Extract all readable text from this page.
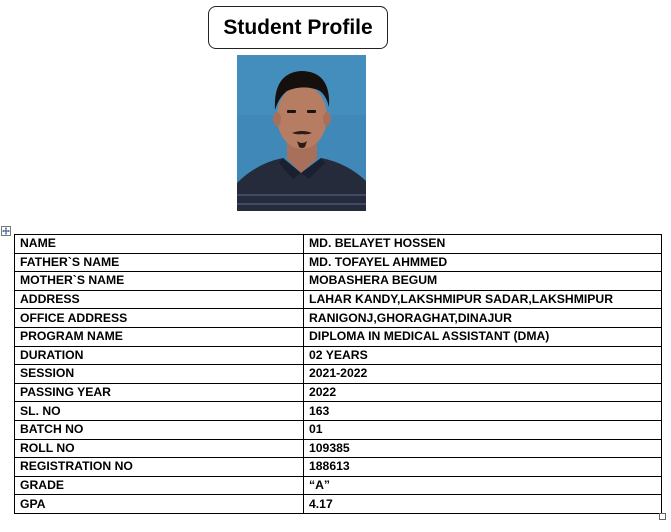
Student Profile
NAME	MD. BELAYET HOSSEN
FATHER`S NAME	MD. TOFAYEL AHMMED
MOTHER`S NAME	MOBASHERA BEGUM
ADDRESS	LAHAR KANDY,LAKSHMIPUR SADAR,LAKSHMIPUR
OFFICE ADDRESS	RANIGONJ,GHORAGHAT,DINAJUR
PROGRAM NAME	DIPLOMA IN MEDICAL ASSISTANT (DMA)
DURATION	02 YEARS
SESSION	2021-2022
PASSING YEAR	2022
SL. NO	163
BATCH NO	01
ROLL NO	109385
REGISTRATION NO	188613
GRADE	“A”
GPA	4.17
